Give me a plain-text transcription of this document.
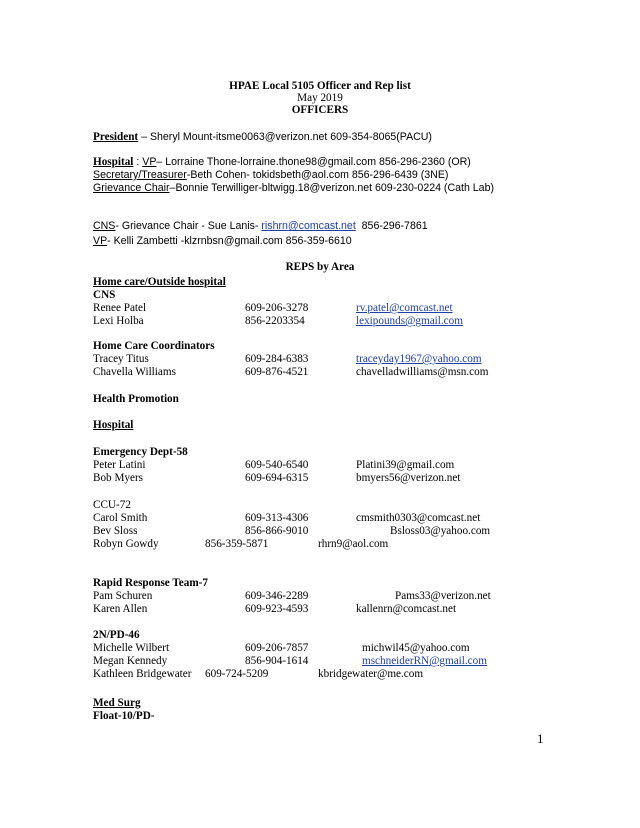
HPAE Local 5105 Officer and Rep list
May 2019
OFFICERS
President – Sheryl Mount-itsme0063@verizon.net 609-354-8065(PACU)
Hospital : VP– Lorraine Thone-lorraine.thone98@gmail.com 856-296-2360 (OR)
Secretary/Treasurer-Beth Cohen- tokidsbeth@aol.com 856-296-6439 (3NE)
Grievance Chair–Bonnie Terwilliger-bltwigg.18@verizon.net 609-230-0224 (Cath Lab)
CNS- Grievance Chair - Sue Lanis- rishrn@comcast.net 856-296-7861
VP- Kelli Zambetti -klzrnbsn@gmail.com 856-359-6610
REPS by Area
Home care/Outside hospital
CNS
Renee Patel	609-206-3278	rv.patel@comcast.net
Lexi Holba	856-2203354	lexipounds@gmail.com
Tracey Titus	609-284-6383	traceyday1967@yahoo.com
Chavella Williams	609-876-4521	chavelladwilliams@msn.com
Peter Latini	609-540-6540	Platini39@gmail.com
Bob Myers	609-694-6315	bmyers56@verizon.net
Carol Smith	609-313-4306	cmsmith0303@comcast.net
Bev Sloss	856-866-9010	Bsloss03@yahoo.com
Robyn Gowdy	856-359-5871	rhrn9@aol.com
Pam Schuren	609-346-2289	Pams33@verizon.net
Karen Allen	609-923-4593	kallenrn@comcast.net
Michelle Wilbert	609-206-7857	michwil45@yahoo.com
Megan Kennedy	856-904-1614	mschneiderRN@gmail.com
Kathleen Bridgewater 609-724-5209	kbridgewater@me.com
Home Care Coordinators
Health Promotion
Hospital
Emergency Dept-58
CCU-72
Rapid Response Team-7
2N/PD-46
Med Surg
Float-10/PD-
1
